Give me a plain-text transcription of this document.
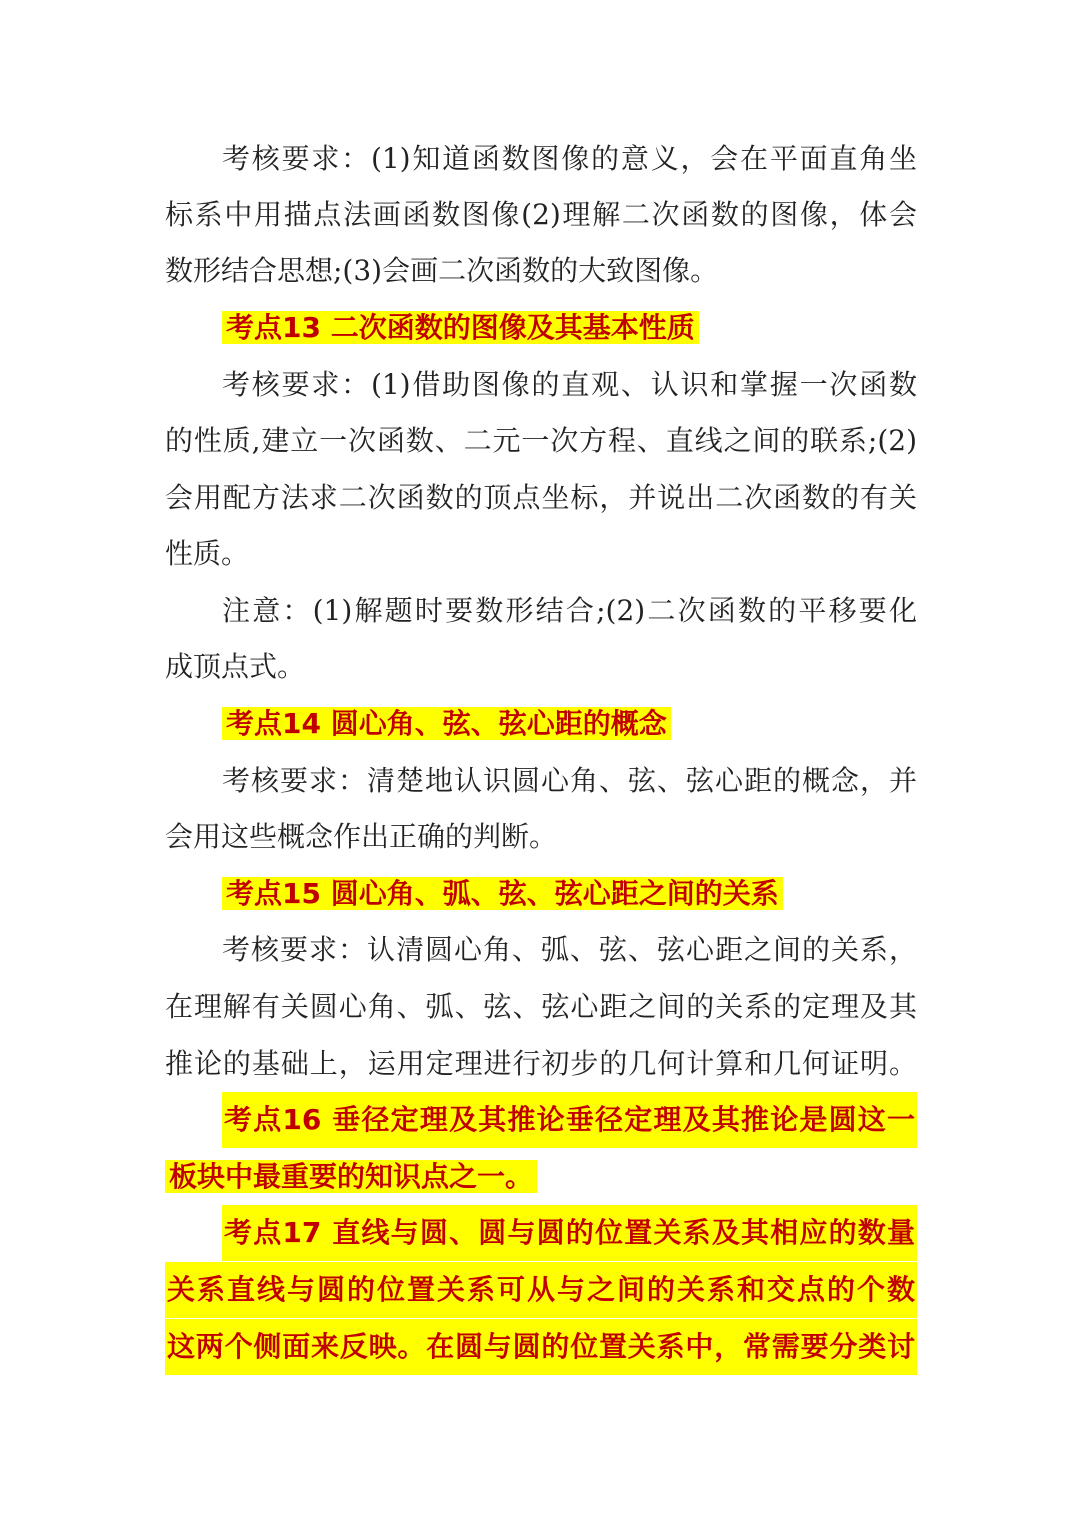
考核要求：(1)知道函数图像的意义，会在平面直角坐
标系中用描点法画函数图像(2)理解二次函数的图像，体会
数形结合思想;(3)会画二次函数的大致图像。
考点13 二次函数的图像及其基本性质
考核要求：(1)借助图像的直观、认识和掌握一次函数
的性质,建立一次函数、二元一次方程、直线之间的联系;(2)
会用配方法求二次函数的顶点坐标，并说出二次函数的有关
性质。
注意：(1)解题时要数形结合;(2)二次函数的平移要化
成顶点式。
考点14 圆心角、弦、弦心距的概念
考核要求：清楚地认识圆心角、弦、弦心距的概念，并
会用这些概念作出正确的判断。
考点15 圆心角、弧、弦、弦心距之间的关系
考核要求：认清圆心角、弧、弦、弦心距之间的关系，
在理解有关圆心角、弧、弦、弦心距之间的关系的定理及其
推论的基础上，运用定理进行初步的几何计算和几何证明。
考点16 垂径定理及其推论垂径定理及其推论是圆这一
板块中最重要的知识点之一。
考点17 直线与圆、圆与圆的位置关系及其相应的数量
关系直线与圆的位置关系可从与之间的关系和交点的个数
这两个侧面来反映。在圆与圆的位置关系中，常需要分类讨
